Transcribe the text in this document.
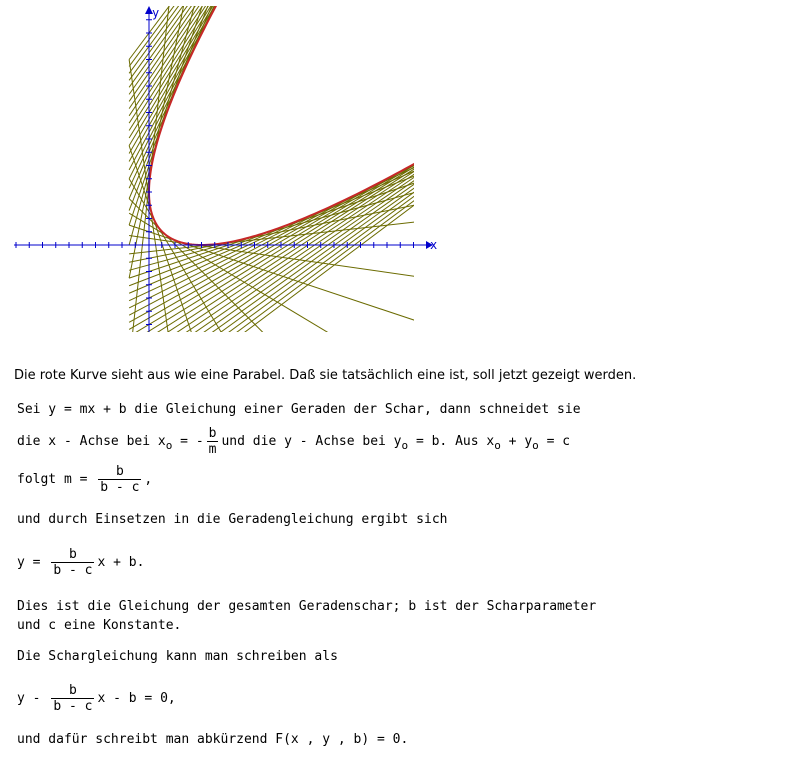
x
y
Die rote Kurve sieht aus wie eine Parabel. Daß sie tatsächlich eine ist, soll jetzt gezeigt werden.
Sei y = mx + b die Gleichung einer Geraden der Schar, dann schneidet sie
die x - Achse bei $x_o$ = - $\frac{b}{m}$ und die y - Achse bei $y_o = b$. Aus $x_o + y_o = c$
folgt $m = \frac{b}{b - c}$ ,
und durch Einsetzen in die Geradengleichung ergibt sich
$y = \frac{b}{b - c}$ x + b.
Dies ist die Gleichung der gesamten Geradenschar; b ist der Scharparameter
und c eine Konstante.
Die Schargleichung kann man schreiben als
y - $\frac{b}{b - c}$ x - b = 0,
und dafür schreibt man abkürzend F(x , y , b) = 0.
